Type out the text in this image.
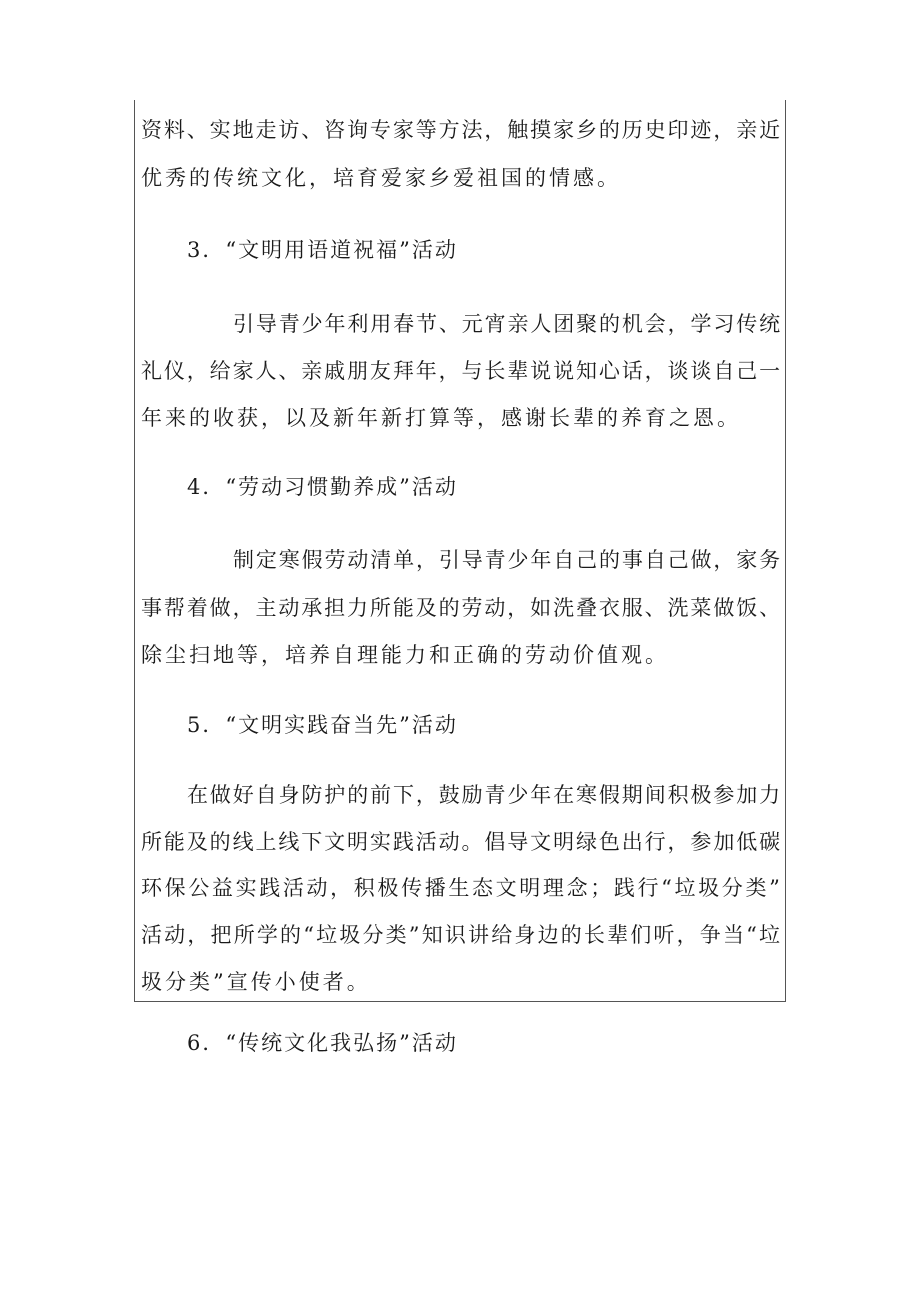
资料、实地走访、咨询专家等方法，触摸家乡的历史印迹，亲近
优秀的传统文化，培育爱家乡爱祖国的情感。
3．“文明用语道祝福”活动
引导青少年利用春节、元宵亲人团聚的机会，学习传统
礼仪，给家人、亲戚朋友拜年，与长辈说说知心话，谈谈自己一
年来的收获，以及新年新打算等，感谢长辈的养育之恩。
4．“劳动习惯勤养成”活动
制定寒假劳动清单，引导青少年自己的事自己做，家务
事帮着做，主动承担力所能及的劳动，如洗叠衣服、洗菜做饭、
除尘扫地等，培养自理能力和正确的劳动价值观。
5．“文明实践奋当先”活动
在做好自身防护的前下，鼓励青少年在寒假期间积极参加力
所能及的线上线下文明实践活动。倡导文明绿色出行，参加低碳
环保公益实践活动，积极传播生态文明理念；践行“垃圾分类”
活动，把所学的“垃圾分类”知识讲给身边的长辈们听，争当“垃
圾分类”宣传小使者。
6．“传统文化我弘扬”活动
